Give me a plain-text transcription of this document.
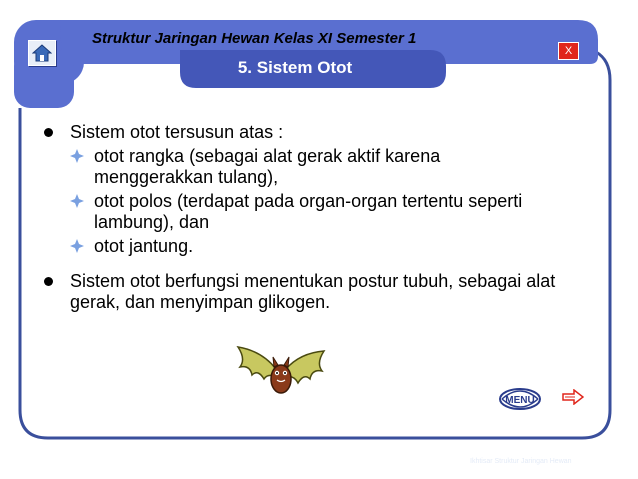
Struktur Jaringan Hewan Kelas XI Semester 1
5. Sistem Otot
X
Sistem otot tersusun atas :
otot rangka (sebagai alat gerak aktif karena menggerakkan tulang),
otot polos (terdapat pada organ-organ tertentu seperti lambung), dan
otot jantung.
Sistem otot berfungsi menentukan postur tubuh, sebagai alat gerak, dan menyimpan glikogen.
MENU
Ikhtisar Struktur Jaringan Hewan
